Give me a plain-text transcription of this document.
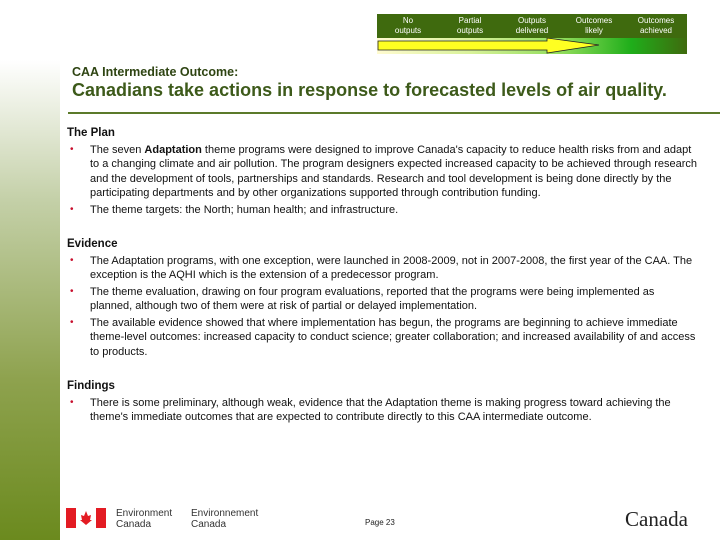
No
outputs
Partial
outputs
Outputs
delivered
Outcomes
likely
Outcomes
achieved
CAA Intermediate Outcome:
Canadians take actions in response to forecasted levels of air quality.
The Plan
• The seven Adaptation theme programs were designed to improve Canada's capacity to reduce health risks from and adapt to a changing climate and air pollution. The program designers expected increased capacity to be achieved through research and the development of tools, partnerships and standards. Research and tool development is being done directly by the participating departments and by other organizations supported through contribution funding.
• The theme targets: the North; human health; and infrastructure.
Evidence
• The Adaptation programs, with one exception, were launched in 2008-2009, not in 2007-2008, the first year of the CAA. The exception is the AQHI which is the extension of a predecessor program.
• The theme evaluation, drawing on four program evaluations, reported that the programs were being implemented as planned, although two of them were at risk of partial or delayed implementation.
• The available evidence showed that where implementation has begun, the programs are beginning to achieve immediate theme-level outcomes: increased capacity to conduct science; greater collaboration; and increased availability of and access to products.
Findings
• There is some preliminary, although weak, evidence that the Adaptation theme is making progress toward achieving the theme's immediate outcomes that are expected to contribute directly to this CAA intermediate outcome.
Environment
Canada
Environnement
Canada	Page 23	Canada
